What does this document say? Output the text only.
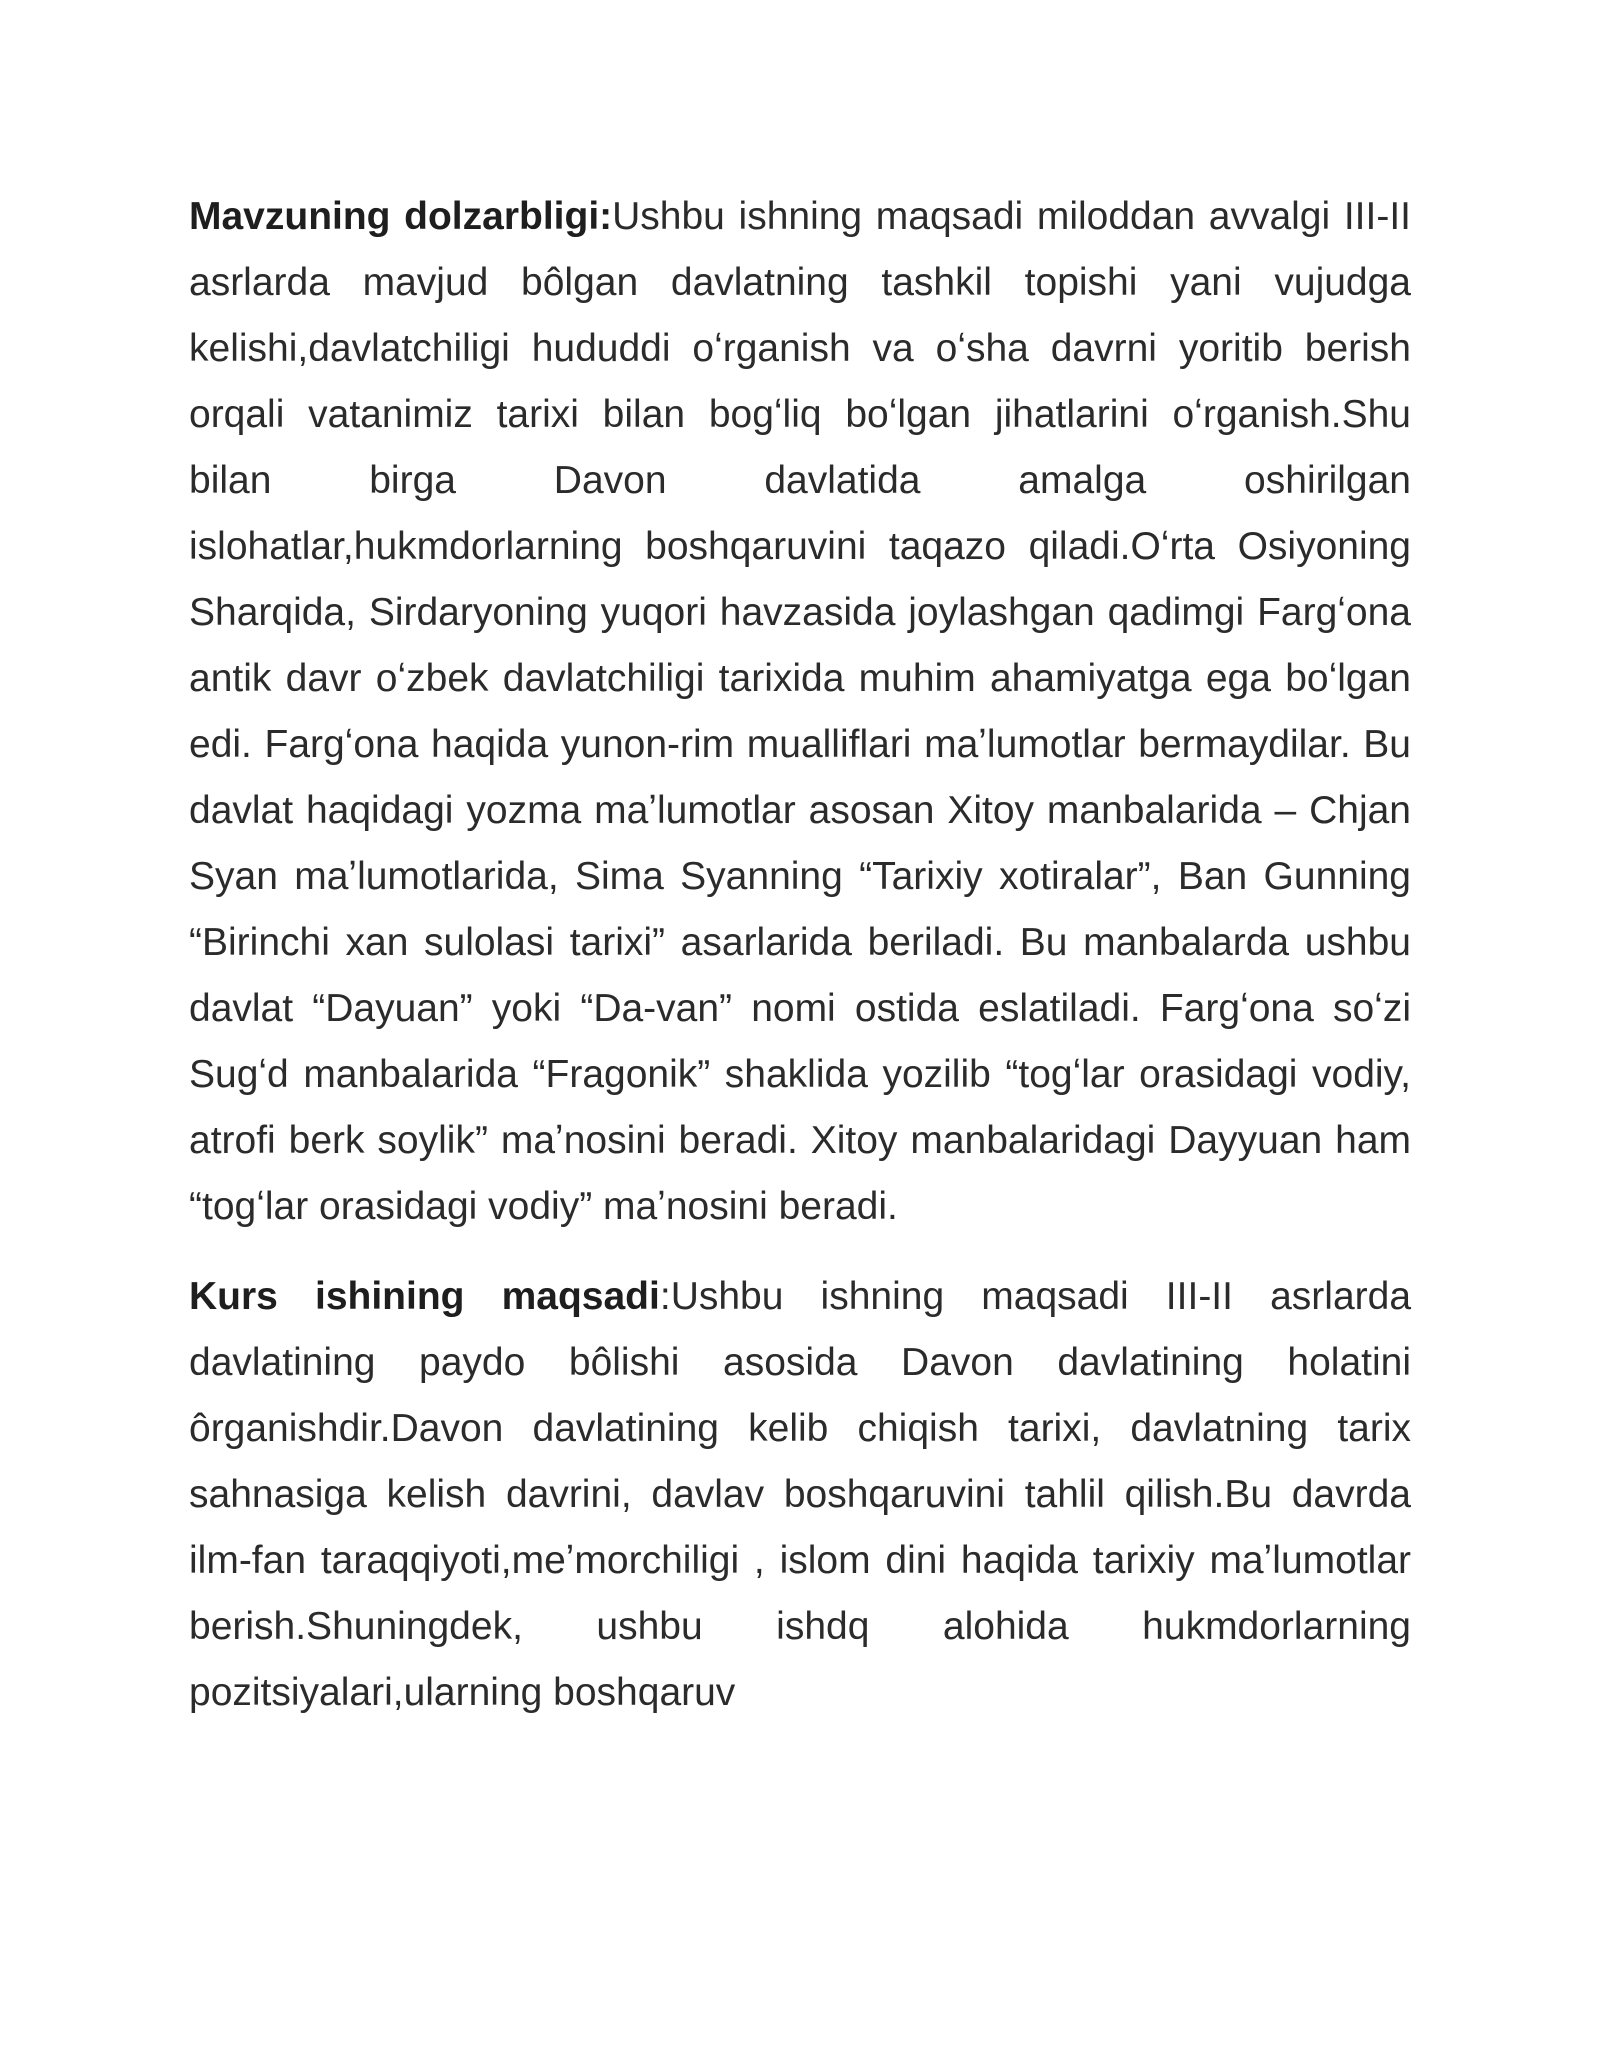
Mavzuning dolzarbligi:Ushbu ishning maqsadi miloddan avvalgi III-II asrlarda mavjud bôlgan davlatning tashkil topishi yani vujudga kelishi,davlatchiligi hududdi oʻrganish va oʻsha davrni yoritib berish orqali vatanimiz tarixi bilan bogʻliq boʻlgan jihatlarini oʻrganish.Shu bilan birga Davon davlatida amalga oshirilgan islohatlar,hukmdorlarning boshqaruvini taqazo qiladi.Oʻrta Osiyoning Sharqida, Sirdaryoning yuqori havzasida joylashgan qadimgi Fargʻona antik davr oʻzbek davlatchiligi tarixida muhim ahamiyatga ega boʻlgan edi. Fargʻona haqida yunon-rim mualliflari maʼlumotlar bermaydilar. Bu davlat haqidagi yozma maʼlumotlar asosan Xitoy manbalarida – Chjan Syan maʼlumotlarida, Sima Syanning “Tarixiy xotiralar”, Ban Gunning “Birinchi xan sulolasi tarixi” asarlarida beriladi. Bu manbalarda ushbu davlat “Dayuan” yoki “Da-van” nomi ostida eslatiladi. Fargʻona soʻzi Sugʻd manbalarida “Fragonik” shaklida yozilib “togʻlar orasidagi vodiy, atrofi berk soylik” maʼnosini beradi. Xitoy manbalaridagi Dayyuan ham “togʻlar orasidagi vodiy” maʼnosini beradi.

Kurs ishining maqsadi:Ushbu ishning maqsadi III-II asrlarda davlatining paydo bôlishi asosida Davon davlatining holatini ôrganishdir.Davon davlatining kelib chiqish tarixi, davlatning tarix sahnasiga kelish davrini, davlav boshqaruvini tahlil qilish.Bu davrda ilm-fan taraqqiyoti,meʼmorchiligi , islom dini haqida tarixiy maʼlumotlar berish.Shuningdek, ushbu ishdq alohida hukmdorlarning pozitsiyalari,ularning boshqaruv
